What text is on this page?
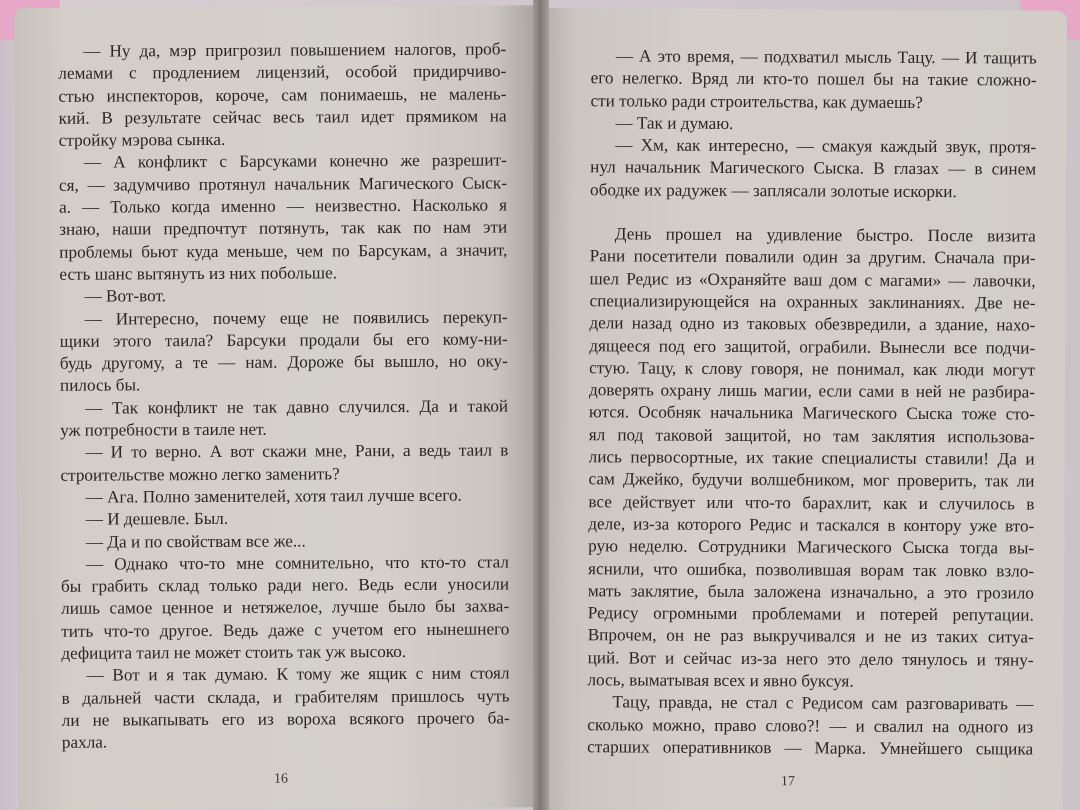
— Ну да, мэр пригрозил повышением налогов, проб-
лемами с продлением лицензий, особой придирчиво-
стью инспекторов, короче, сам понимаешь, не малень-
кий. В результате сейчас весь таил идет прямиком на
стройку мэрова сынка.
— А конфликт с Барсуками конечно же разрешит-
ся, — задумчиво протянул начальник Магического Сыск-
а. — Только когда именно — неизвестно. Насколько я
знаю, наши предпочтут потянуть, так как по нам эти
проблемы бьют куда меньше, чем по Барсукам, а значит,
есть шанс вытянуть из них побольше.
— Вот-вот.
— Интересно, почему еще не появились перекуп-
щики этого таила? Барсуки продали бы его кому-ни-
будь другому, а те — нам. Дороже бы вышло, но оку-
пилось бы.
— Так конфликт не так давно случился. Да и такой
уж потребности в таиле нет.
— И то верно. А вот скажи мне, Рани, а ведь таил в
строительстве можно легко заменить?
— Ага. Полно заменителей, хотя таил лучше всего.
— И дешевле. Был.
— Да и по свойствам все же...
— Однако что-то мне сомнительно, что кто-то стал
бы грабить склад только ради него. Ведь если уносили
лишь самое ценное и нетяжелое, лучше было бы захва-
тить что-то другое. Ведь даже с учетом его нынешнего
дефицита таил не может стоить так уж высоко.
— Вот и я так думаю. К тому же ящик с ним стоял
в дальней части склада, и грабителям пришлось чуть
ли не выкапывать его из вороха всякого прочего ба-
рахла.
16
— А это время, — подхватил мысль Тацу. — И тащить
его нелегко. Вряд ли кто-то пошел бы на такие сложно-
сти только ради строительства, как думаешь?
— Так и думаю.
— Хм, как интересно, — смакуя каждый звук, протя-
нул начальник Магического Сыска. В глазах — в синем
ободке их радужек — заплясали золотые искорки.
День прошел на удивление быстро. После визита
Рани посетители повалили один за другим. Сначала при-
шел Редис из «Охраняйте ваш дом с магами» — лавочки,
специализирующейся на охранных заклинаниях. Две не-
дели назад одно из таковых обезвредили, а здание, нахо-
дящееся под его защитой, ограбили. Вынесли все подчи-
стую. Тацу, к слову говоря, не понимал, как люди могут
доверять охрану лишь магии, если сами в ней не разбира-
ются. Особняк начальника Магического Сыска тоже сто-
ял под таковой защитой, но там заклятия использова-
лись первосортные, их такие специалисты ставили! Да и
сам Джейко, будучи волшебником, мог проверить, так ли
все действует или что-то барахлит, как и случилось в
деле, из-за которого Редис и таскался в контору уже вто-
рую неделю. Сотрудники Магического Сыска тогда вы-
яснили, что ошибка, позволившая ворам так ловко взло-
мать заклятие, была заложена изначально, а это грозило
Редису огромными проблемами и потерей репутации.
Впрочем, он не раз выкручивался и не из таких ситуа-
ций. Вот и сейчас из-за него это дело тянулось и тяну-
лось, выматывая всех и явно буксуя.
Тацу, правда, не стал с Редисом сам разговаривать —
сколько можно, право слово?! — и свалил на одного из
старших оперативников — Марка. Умнейшего сыщика
17
